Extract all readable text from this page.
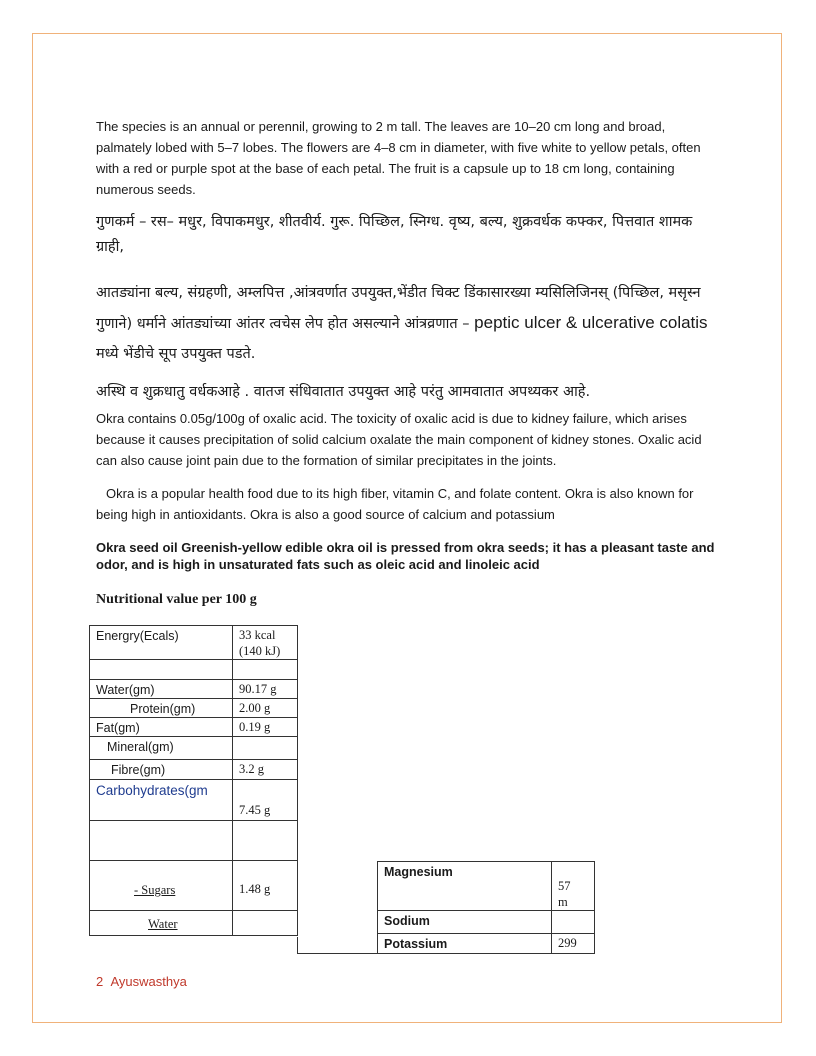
The species is an annual or perennil, growing to 2 m tall. The leaves are 10–20 cm long and broad, palmately lobed with 5–7 lobes. The flowers are 4–8 cm in diameter, with five white to yellow petals, often with a red or purple spot at the base of each petal. The fruit is a capsule up to 18 cm long, containing numerous seeds.

गुणकर्म – रस– मधुर, विपाकमधुर, शीतवीर्य. गुरू. पिच्छिल, स्निग्ध. वृष्य, बल्य, शुक्रवर्धक कफ्कर, पित्तवात शामक ग्राही,

आतड्यांना बल्य, संग्रहणी, अम्लपित्त ,आंत्रवर्णात उपयुक्त,भेंडीत चिक्ट डिंकासारख्या म्यसिलिजिनस् (पिच्छिल, मसृस्न गुणाने) धर्माने आंतड्यांच्या आंतर त्वचेस लेप होत असल्याने आंत्रव्रणात – peptic ulcer & ulcerative colatis मध्ये भेंडीचे सूप उपयुक्त पडते.

अस्थि व शुक्रधातु वर्धकआहे . वातज संधिवातात उपयुक्त आहे परंतु आमवातात अपथ्यकर आहे.

Okra contains 0.05g/100g of oxalic acid. The toxicity of oxalic acid is due to kidney failure, which arises because it causes precipitation of solid calcium oxalate the main component of kidney stones. Oxalic acid can also cause joint pain due to the formation of similar precipitates in the joints.

Okra is a popular health food due to its high fiber, vitamin C, and folate content. Okra is also known for being high in antioxidants. Okra is also a good source of calcium and potassium

Okra seed oil Greenish-yellow edible okra oil is pressed from okra seeds; it has a pleasant taste and odor, and is high in unsaturated fats such as oleic acid and linoleic acid

Nutritional value per 100 g
Energry(Ecals)	33 kcal
(140 kJ)

Water(gm)	90.17 g
Protein(gm)	2.00 g
Fat(gm)	0.19 g
Mineral(gm)	
Fibre(gm)	3.2 g
Carbohydrates(gm	7.45 g

- Sugars	1.48 g
Water	
Magnesium	57
m

Sodium	
Potassium	299
2 Ayuswasthya
